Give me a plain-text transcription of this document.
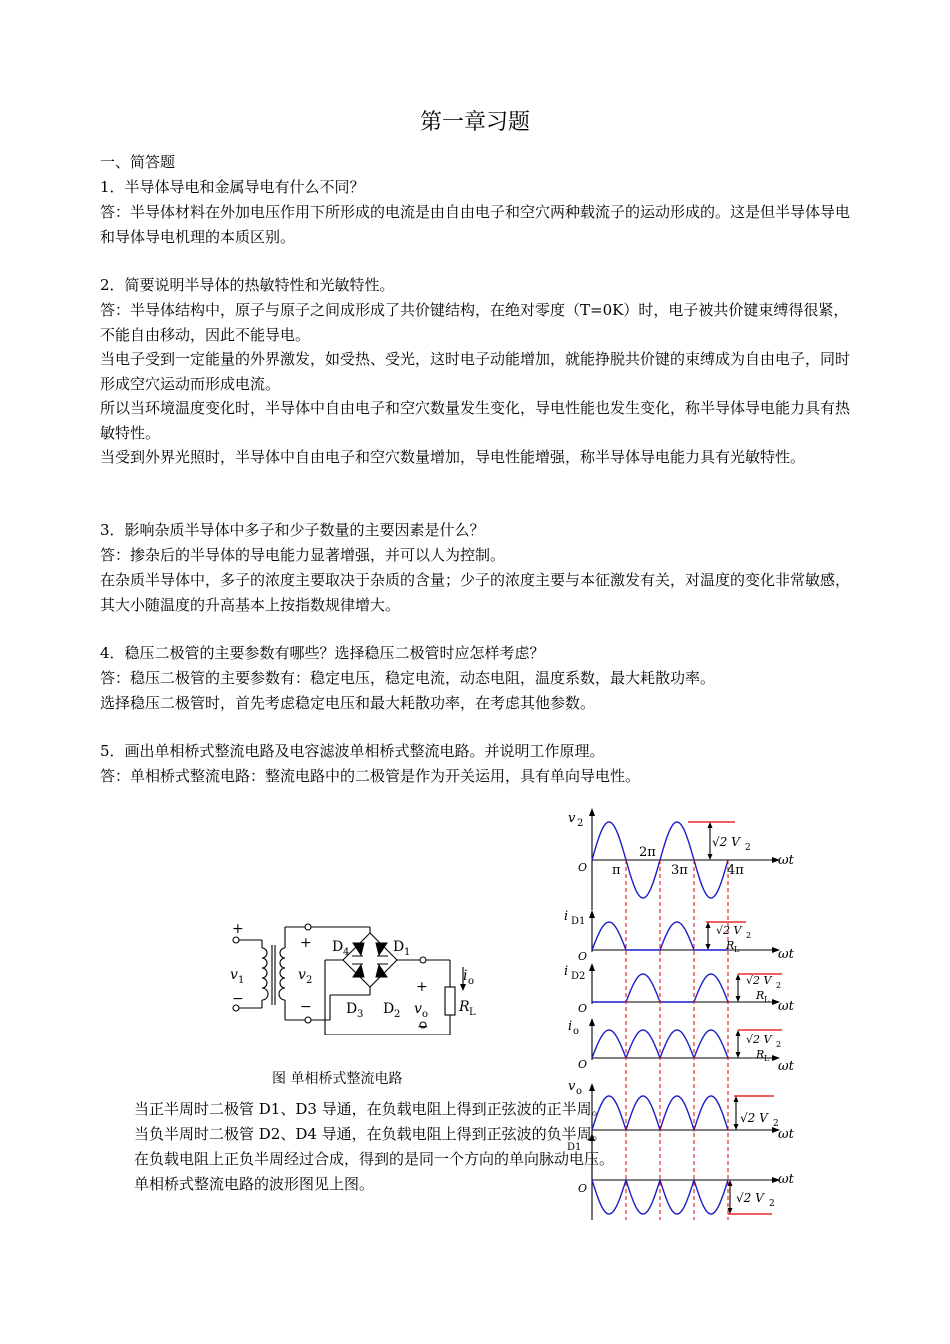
第一章习题

一、简答题

1．半导体导电和金属导电有什么不同？

答：半导体材料在外加电压作用下所形成的电流是由自由电子和空穴两种载流子的运动形成的。这是但半导体导电和导体导电机理的本质区别。

2．简要说明半导体的热敏特性和光敏特性。

答：半导体结构中，原子与原子之间成形成了共价键结构，在绝对零度（T=0K）时，电子被共价键束缚得很紧，不能自由移动，因此不能导电。

当电子受到一定能量的外界激发，如受热、受光，这时电子动能增加，就能挣脱共价键的束缚成为自由电子，同时形成空穴运动而形成电流。

所以当环境温度变化时，半导体中自由电子和空穴数量发生变化，导电性能也发生变化，称半导体导电能力具有热敏特性。

当受到外界光照时，半导体中自由电子和空穴数量增加，导电性能增强，称半导体导电能力具有光敏特性。

3．影响杂质半导体中多子和少子数量的主要因素是什么？

答：掺杂后的半导体的导电能力显著增强，并可以人为控制。

在杂质半导体中，多子的浓度主要取决于杂质的含量；少子的浓度主要与本征激发有关，对温度的变化非常敏感，其大小随温度的升高基本上按指数规律增大。

4．稳压二极管的主要参数有哪些？选择稳压二极管时应怎样考虑？

答：稳压二极管的主要参数有：稳定电压，稳定电流，动态电阻，温度系数，最大耗散功率。

选择稳压二极管时，首先考虑稳定电压和最大耗散功率，在考虑其他参数。

5．画出单相桥式整流电路及电容滤波单相桥式整流电路。并说明工作原理。

答：单相桥式整流电路：整流电路中的二极管是作为开关运用，具有单向导电性。

+
−
v 1
+
−
v 2
D 4	D 1
D 3 D 2
+
−
v o
i o
R L
图 单相桥式整流电路
v 2
O	ωt
π
2π
3π	4π
√2 V 2
i D1
O	ωt
√2 V 2
R L
i D2
O	ωt
√2 V 2
R L
i o
O	ωt
√2 V 2
R L
v o
ωt
√2 V 2
D1
O
ωt
√2 V 2

当正半周时二极管 D1、D3 导通，在负载电阻上得到正弦波的正半周。

当负半周时二极管 D2、D4 导通，在负载电阻上得到正弦波的负半周。

在负载电阻上正负半周经过合成，得到的是同一个方向的单向脉动电压。

单相桥式整流电路的波形图见上图。
